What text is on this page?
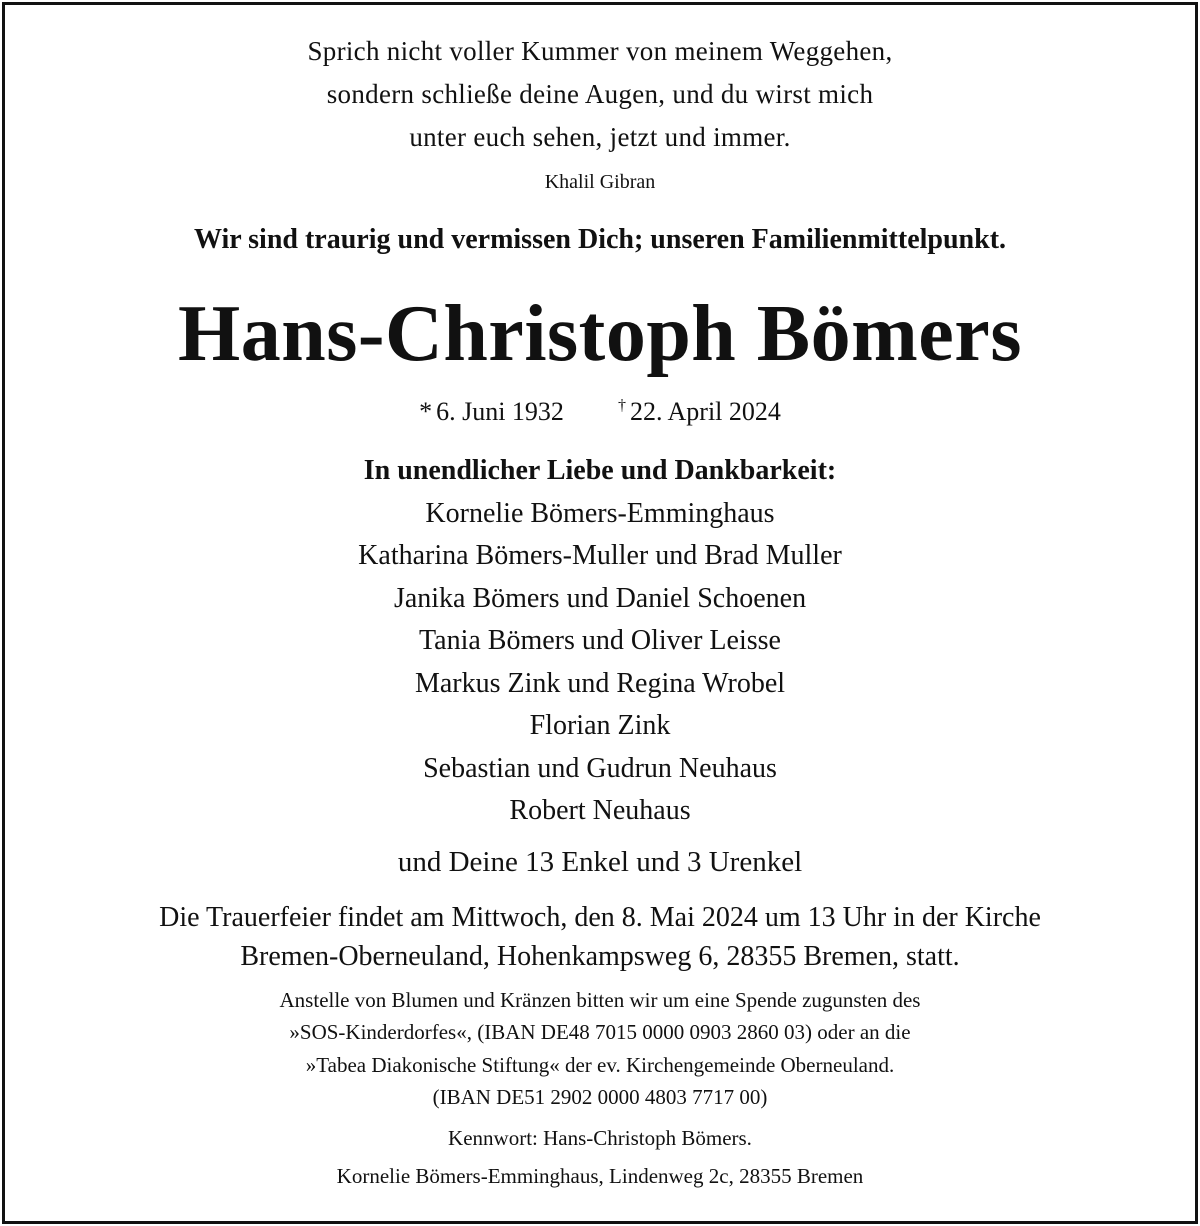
Sprich nicht voller Kummer von meinem Weggehen,
sondern schließe deine Augen, und du wirst mich
unter euch sehen, jetzt und immer.
Khalil Gibran
Wir sind traurig und vermissen Dich; unseren Familienmittelpunkt.
Hans-Christoph Bömers
* 6. Juni 1932	† 22. April 2024
In unendlicher Liebe und Dankbarkeit:
Kornelie Bömers-Emminghaus
Katharina Bömers-Muller und Brad Muller
Janika Bömers und Daniel Schoenen
Tania Bömers und Oliver Leisse
Markus Zink und Regina Wrobel
Florian Zink
Sebastian und Gudrun Neuhaus
Robert Neuhaus
und Deine 13 Enkel und 3 Urenkel
Die Trauerfeier findet am Mittwoch, den 8. Mai 2024 um 13 Uhr in der Kirche
Bremen-Oberneuland, Hohenkampsweg 6, 28355 Bremen, statt.
Anstelle von Blumen und Kränzen bitten wir um eine Spende zugunsten des
»SOS-Kinderdorfes«, (IBAN DE48 7015 0000 0903 2860 03) oder an die
»Tabea Diakonische Stiftung« der ev. Kirchengemeinde Oberneuland.
(IBAN DE51 2902 0000 4803 7717 00)
Kennwort: Hans-Christoph Bömers.
Kornelie Bömers-Emminghaus, Lindenweg 2c, 28355 Bremen
